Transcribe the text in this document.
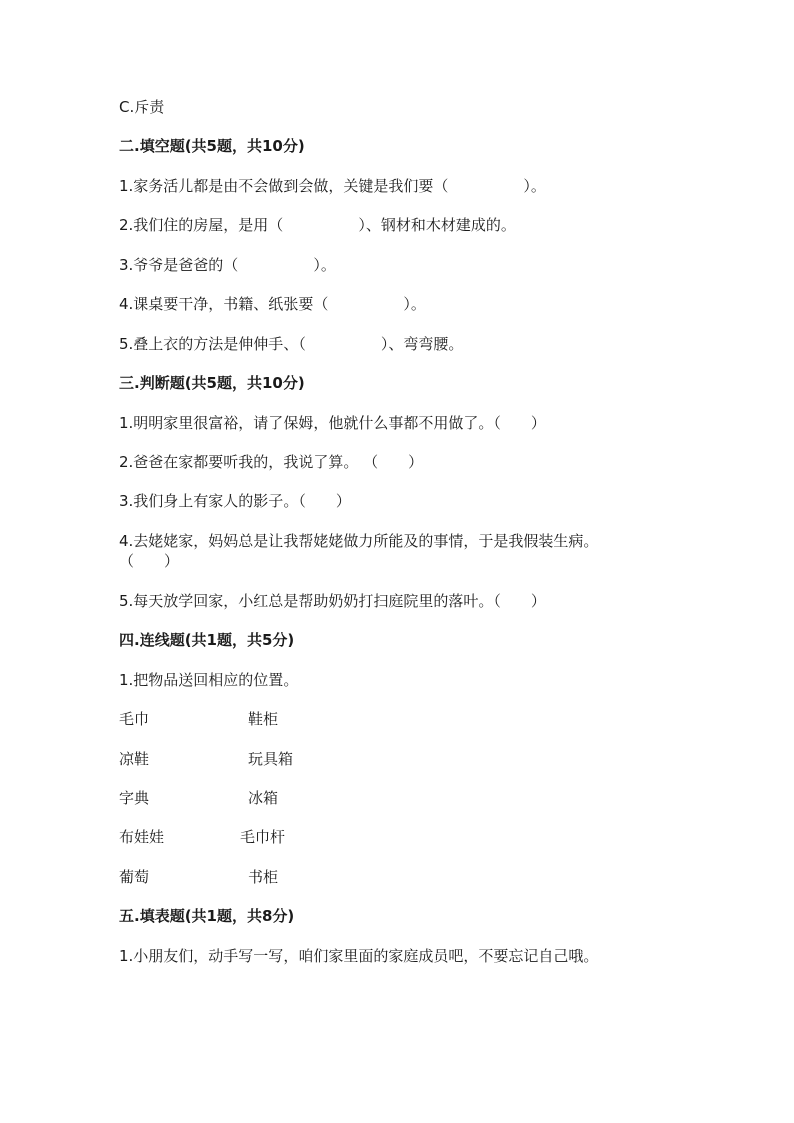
C.斥责
二.填空题(共5题，共10分)
1.家务活儿都是由不会做到会做，关键是我们要（　　　　　）。
2.我们住的房屋，是用（　　　　　）、钢材和木材建成的。
3.爷爷是爸爸的（　　　　　）。
4.课桌要干净，书籍、纸张要（　　　　　）。
5.叠上衣的方法是伸伸手、（　　　　　）、弯弯腰。
三.判断题(共5题，共10分)
1.明明家里很富裕，请了保姆，他就什么事都不用做了。（　　）
2.爸爸在家都要听我的，我说了算。 （　　）
3.我们身上有家人的影子。（　　）
4.去姥姥家，妈妈总是让我帮姥姥做力所能及的事情，于是我假装生病。
（　　）
5.每天放学回家，小红总是帮助奶奶打扫庭院里的落叶。（　　）
四.连线题(共1题，共5分)
1.把物品送回相应的位置。
毛巾	鞋柜
凉鞋	玩具箱
字典	冰箱
布娃娃	毛巾杆
葡萄	书柜
五.填表题(共1题，共8分)
1.小朋友们，动手写一写，咱们家里面的家庭成员吧，不要忘记自己哦。
